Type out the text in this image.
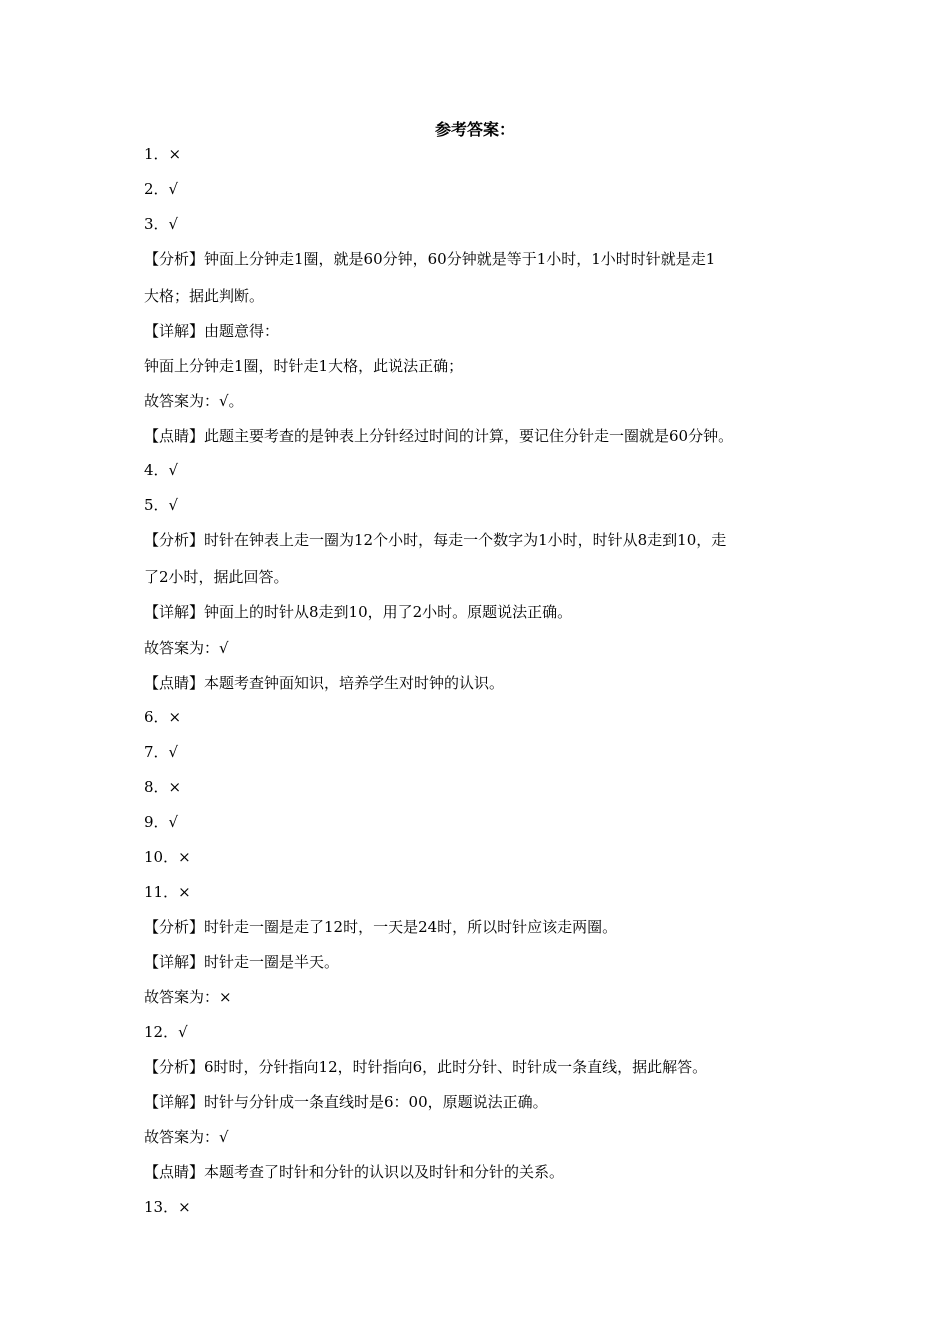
参考答案：
1．×
2．√
3．√
【分析】钟面上分钟走1圈，就是60分钟，60分钟就是等于1小时，1小时时针就是走1
大格；据此判断。
【详解】由题意得：
钟面上分钟走1圈，时针走1大格，此说法正确；
故答案为：√。
【点睛】此题主要考查的是钟表上分针经过时间的计算，要记住分针走一圈就是60分钟。
4．√
5．√
【分析】时针在钟表上走一圈为12个小时，每走一个数字为1小时，时针从8走到10，走
了2小时，据此回答。
【详解】钟面上的时针从8走到10，用了2小时。原题说法正确。
故答案为：√
【点睛】本题考查钟面知识，培养学生对时钟的认识。
6．×
7．√
8．×
9．√
10．×
11．×
【分析】时针走一圈是走了12时，一天是24时，所以时针应该走两圈。
【详解】时针走一圈是半天。
故答案为：×
12．√
【分析】6时时，分针指向12，时针指向6，此时分针、时针成一条直线，据此解答。
【详解】时针与分针成一条直线时是6：00，原题说法正确。
故答案为：√
【点睛】本题考查了时针和分针的认识以及时针和分针的关系。
13．×
